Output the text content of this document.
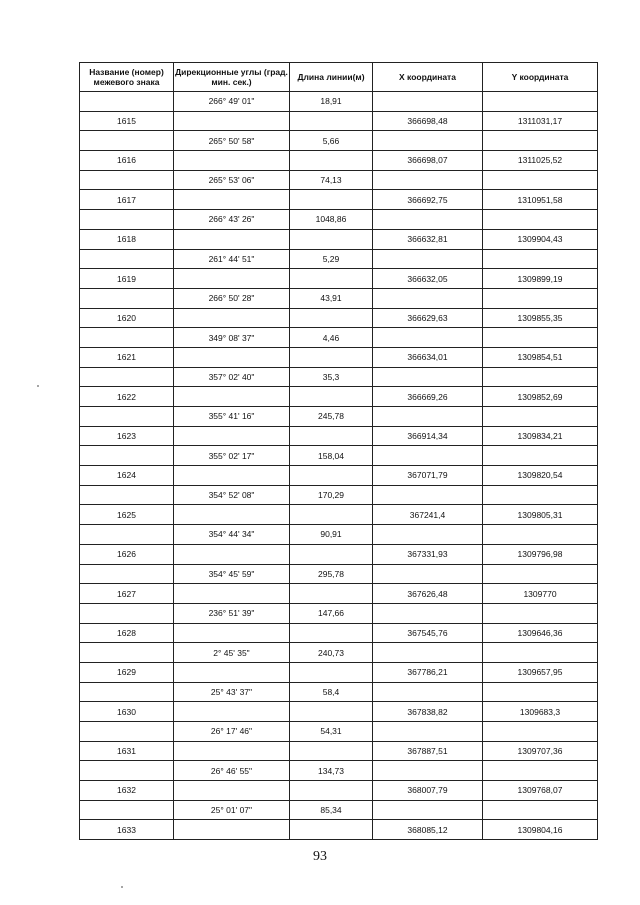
Название (номер) межевого знака	Дирекционные углы (град. мин. сек.)	Длина линии(м)	X координата	Y координата
	266° 49' 01"	18,91		
1615			366698,48	1311031,17
	265° 50' 58"	5,66		
1616			366698,07	1311025,52
	265° 53' 06"	74,13		
1617			366692,75	1310951,58
	266° 43' 26"	1048,86		
1618			366632,81	1309904,43
	261° 44' 51"	5,29		
1619			366632,05	1309899,19
	266° 50' 28"	43,91		
1620			366629,63	1309855,35
	349° 08' 37"	4,46		
1621			366634,01	1309854,51
	357° 02' 40"	35,3		
1622			366669,26	1309852,69
	355° 41' 16"	245,78		
1623			366914,34	1309834,21
	355° 02' 17"	158,04		
1624			367071,79	1309820,54
	354° 52' 08"	170,29		
1625			367241,4	1309805,31
	354° 44' 34"	90,91		
1626			367331,93	1309796,98
	354° 45' 59"	295,78		
1627			367626,48	1309770
	236° 51' 39"	147,66		
1628			367545,76	1309646,36
	2° 45' 35"	240,73		
1629			367786,21	1309657,95
	25° 43' 37"	58,4		
1630			367838,82	1309683,3
	26° 17' 46"	54,31		
1631			367887,51	1309707,36
	26° 46' 55"	134,73		
1632			368007,79	1309768,07
	25° 01' 07"	85,34		
1633			368085,12	1309804,16
93
